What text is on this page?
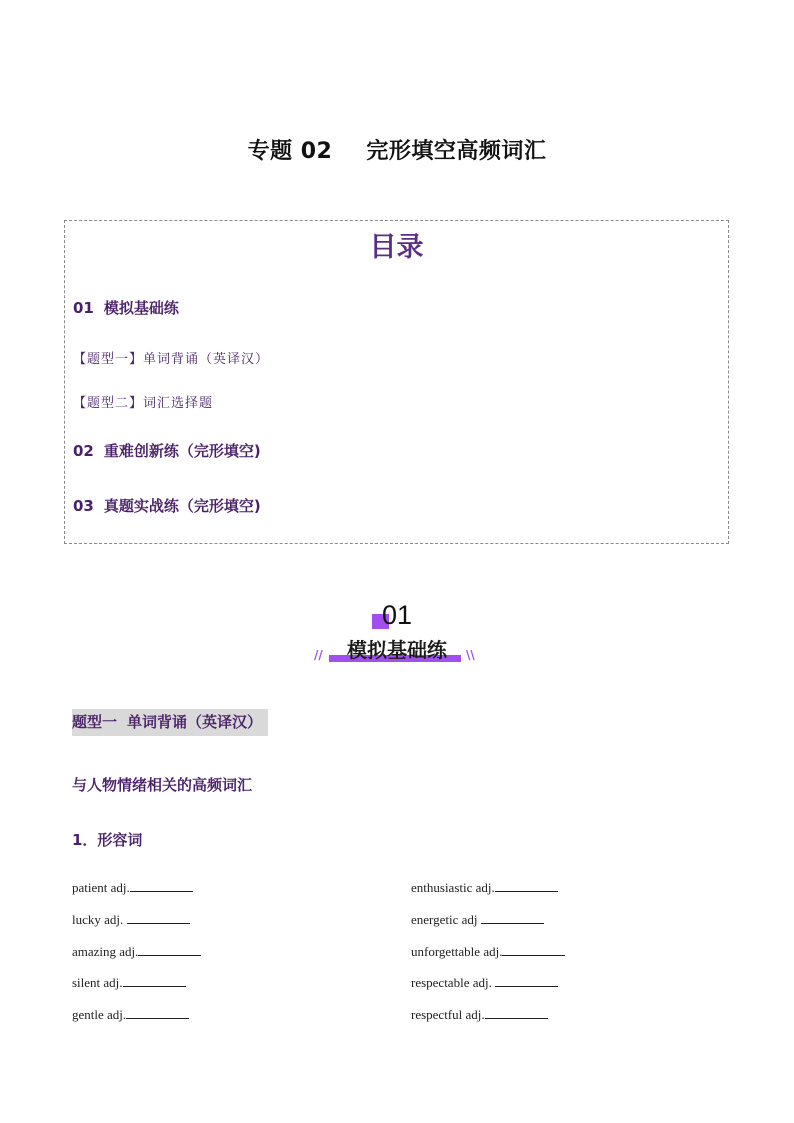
专题 02 完形填空高频词汇
目录
01 模拟基础练
【题型一】单词背诵（英译汉）
【题型二】词汇选择题
02 重难创新练（完形填空)
03 真题实战练（完形填空)
01
模拟基础练
//	\\
题型一 单词背诵（英译汉）
与人物情绪相关的高频词汇
1．形容词
patient adj.
lucky adj.
amazing adj.
silent adj.
gentle adj.
enthusiastic adj.
energetic adj
unforgettable adj.
respectable adj.
respectful adj.
